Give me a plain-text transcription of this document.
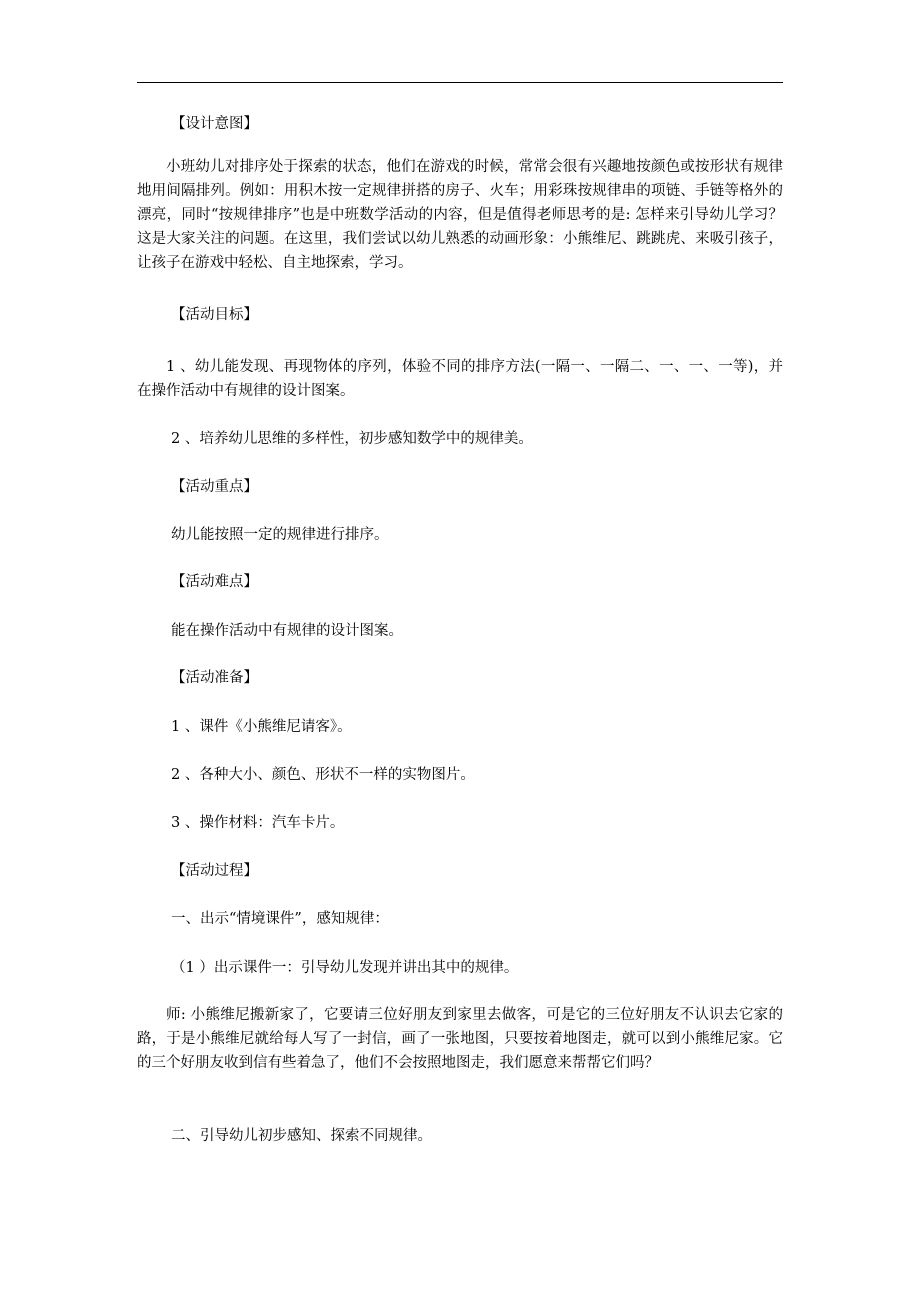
【设计意图】

小班幼儿对排序处于探索的状态，他们在游戏的时候，常常会很有兴趣地按颜色或按形状有规律地用间隔排列。例如：用积木按一定规律拼搭的房子、火车；用彩珠按规律串的项链、手链等格外的漂亮，同时“按规律排序”也是中班数学活动的内容，但是值得老师思考的是: 怎样来引导幼儿学习？这是大家关注的问题。在这里，我们尝试以幼儿熟悉的动画形象：小熊维尼、跳跳虎、来吸引孩子，让孩子在游戏中轻松、自主地探索，学习。

【活动目标】

1 、幼儿能发现、再现物体的序列，体验不同的排序方法(一隔一、一隔二、一、一、一等)，并在操作活动中有规律的设计图案。

2 、培养幼儿思维的多样性，初步感知数学中的规律美。

【活动重点】

幼儿能按照一定的规律进行排序。

【活动难点】

能在操作活动中有规律的设计图案。

【活动准备】

1 、课件《小熊维尼请客》。

2 、各种大小、颜色、形状不一样的实物图片。

3 、操作材料：汽车卡片。

【活动过程】

一、出示“情境课件”，感知规律：

（1 ）出示课件一：引导幼儿发现并讲出其中的规律。

师: 小熊维尼搬新家了，它要请三位好朋友到家里去做客，可是它的三位好朋友不认识去它家的路，于是小熊维尼就给每人写了一封信，画了一张地图，只要按着地图走，就可以到小熊维尼家。它的三个好朋友收到信有些着急了，他们不会按照地图走，我们愿意来帮帮它们吗？

二、引导幼儿初步感知、探索不同规律。
